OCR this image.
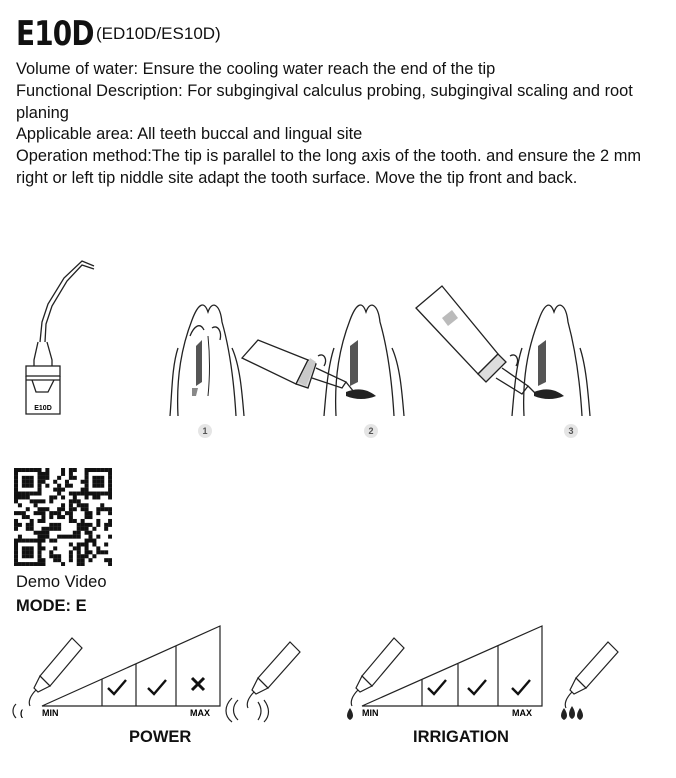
E10D (ED10D/ES10D)

Volume of water: Ensure the cooling water reach the end of the tip

Functional Description: For subgingival calculus probing, subgingival scaling and root planing

Applicable area: All teeth buccal and lingual site

Operation method:The tip is parallel to the long axis of the tooth. and ensure the 2 mm right or left tip niddle site adapt the tooth surface. Move the tip front and back.

E10D
1	2	3
Demo Video
MODE: E
( MIN	MAX
POWER
MIN	MAX
IRRIGATION
